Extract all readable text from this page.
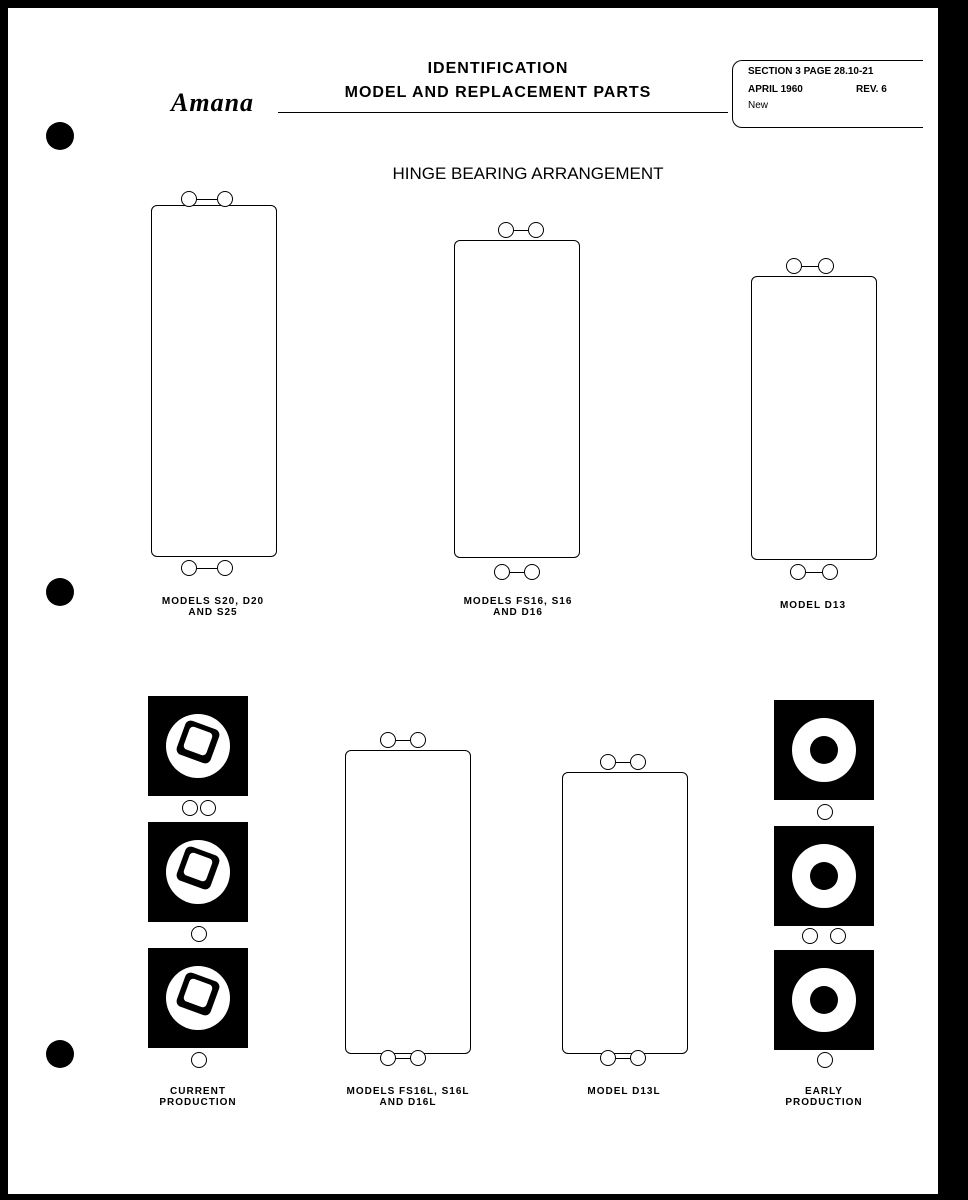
Amana
IDENTIFICATION
MODEL AND REPLACEMENT PARTS
SECTION 3 PAGE 28.10-21
APRIL 1960	REV. 6
New
HINGE BEARING ARRANGEMENT
MODELS S20, D20
AND S25
MODELS FS16, S16
AND D16
MODEL D13
CURRENT
PRODUCTION
MODELS FS16L, S16L
AND D16L
MODEL D13L	EARLY
PRODUCTION
